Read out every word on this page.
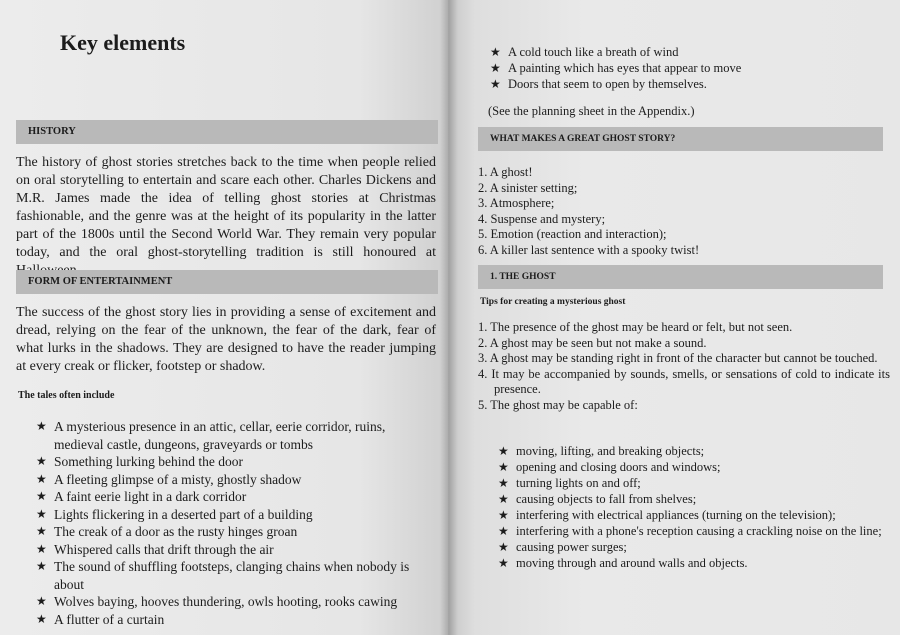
Key elements
HISTORY
The history of ghost stories stretches back to the time when people relied on oral storytelling to entertain and scare each other. Charles Dickens and M.R. James made the idea of telling ghost stories at Christmas fashionable, and the genre was at the height of its popularity in the latter part of the 1800s until the Second World War. They remain very popular today, and the oral ghost-storytelling tradition is still honoured at
FORM OF ENTERTAINMENT
The success of the ghost story lies in providing a sense of excitement and dread, relying on the fear of the unknown, the fear of the dark, fear of what lurks in the shadows. They are designed to have the reader jumping at every creak or flicker, footstep or shadow.
The tales often include
★ A mysterious presence in an attic, cellar, eerie corridor, ruins, medieval castle, dungeons, graveyards or tombs
★ Something lurking behind the door
★ A fleeting glimpse of a misty, ghostly shadow
★ A faint eerie light in a dark corridor
★ Lights flickering in a deserted part of a building
★ The creak of a door as the rusty hinges groan
★ Whispered calls that drift through the air
★ The sound of shuffling footsteps, clanging chains when nobody is about
★ Wolves baying, hooves thundering, owls hooting, rooks cawing
★ A flutter of a curtain
★ A cold touch like a breath of wind
★ A painting which has eyes that appear to move
★ Doors that seem to open by themselves.
(See the planning sheet in the Appendix.)
WHAT MAKES A GREAT GHOST STORY?
1. A ghost!
2. A sinister setting;
3. Atmosphere;
4. Suspense and mystery;
5. Emotion (reaction and interaction);
6. A killer last sentence with a spooky twist!
1. THE GHOST
Tips for creating a mysterious ghost
1. The presence of the ghost may be heard or felt, but not seen.
2. A ghost may be seen but not make a sound.
3. A ghost may be standing right in front of the character but cannot be touched.
4. It may be accompanied by sounds, smells, or sensations of cold to indicate its presence.
5. The ghost may be capable of:
★ moving, lifting, and breaking objects;
★ opening and closing doors and windows;
★ turning lights on and off;
★ causing objects to fall from shelves;
★ interfering with electrical appliances (turning on the television);
★ interfering with a phone's reception causing a crackling noise on the line;
★ causing power surges;
★ moving through and around walls and objects.
